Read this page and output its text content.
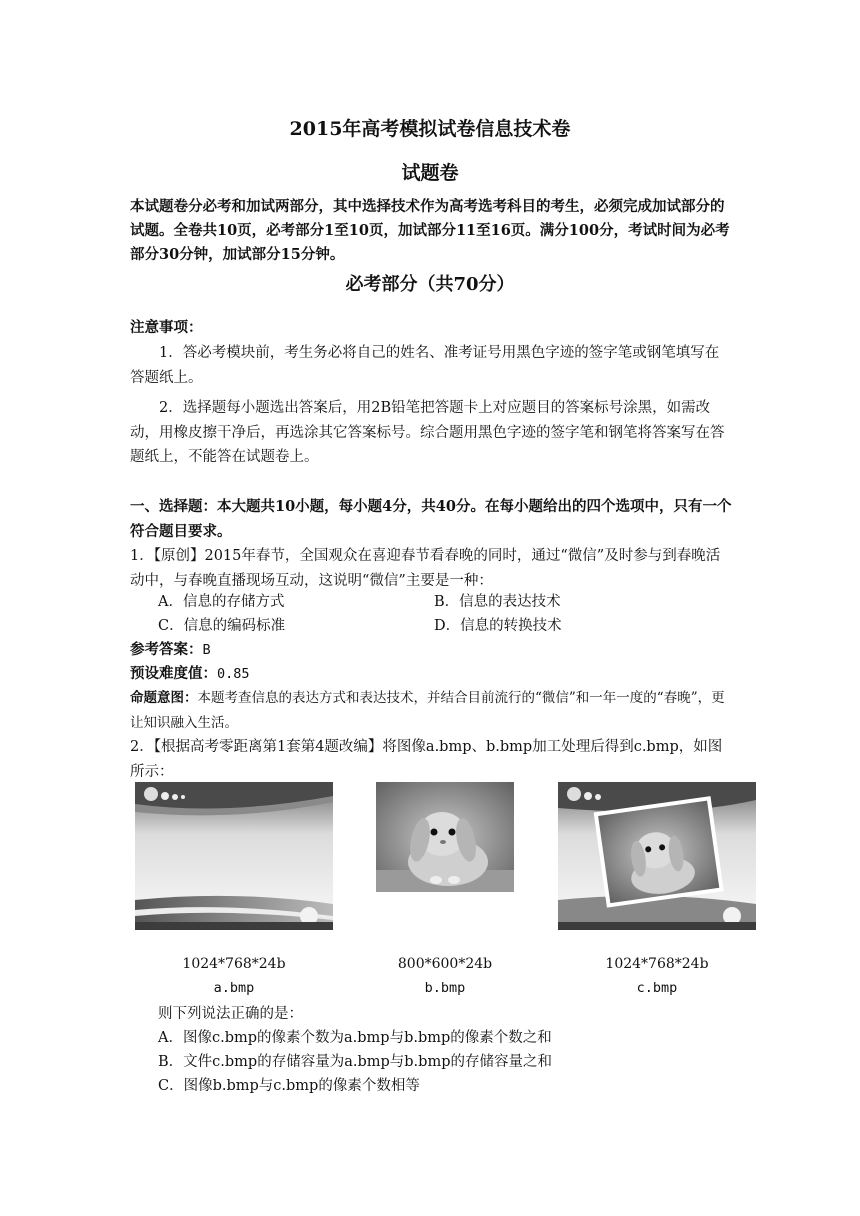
2015年高考模拟试卷信息技术卷
试题卷
本试题卷分必考和加试两部分，其中选择技术作为高考选考科目的考生，必须完成加试部分的试题。全卷共10页，必考部分1至10页，加试部分11至16页。满分100分，考试时间为必考部分30分钟，加试部分15分钟。
必考部分（共70分）
注意事项：
1．答必考模块前，考生务必将自己的姓名、准考证号用黑色字迹的签字笔或钢笔填写在答题纸上。
2．选择题每小题选出答案后，用2B铅笔把答题卡上对应题目的答案标号涂黑，如需改动，用橡皮擦干净后，再选涂其它答案标号。综合题用黑色字迹的签字笔和钢笔将答案写在答题纸上，不能答在试题卷上。
一、选择题：本大题共10小题，每小题4分，共40分。在每小题给出的四个选项中，只有一个符合题目要求。
1．【原创】2015年春节，全国观众在喜迎春节看春晚的同时，通过“微信”及时参与到春晚活动中，与春晚直播现场互动，这说明“微信”主要是一种：
A．信息的存储方式	B．信息的表达技术
C．信息的编码标准	D．信息的转换技术
参考答案：B
预设难度值：0.85
命题意图：本题考查信息的表达方式和表达技术，并结合目前流行的“微信”和一年一度的“春晚”，更让知识融入生活。
2．【根据高考零距离第1套第4题改编】将图像a.bmp、b.bmp加工处理后得到c.bmp，如图所示：
1024*768*24b
a.bmp
800*600*24b
b.bmp
1024*768*24b
c.bmp
则下列说法正确的是：
A．图像c.bmp的像素个数为a.bmp与b.bmp的像素个数之和
B．文件c.bmp的存储容量为a.bmp与b.bmp的存储容量之和
C．图像b.bmp与c.bmp的像素个数相等
